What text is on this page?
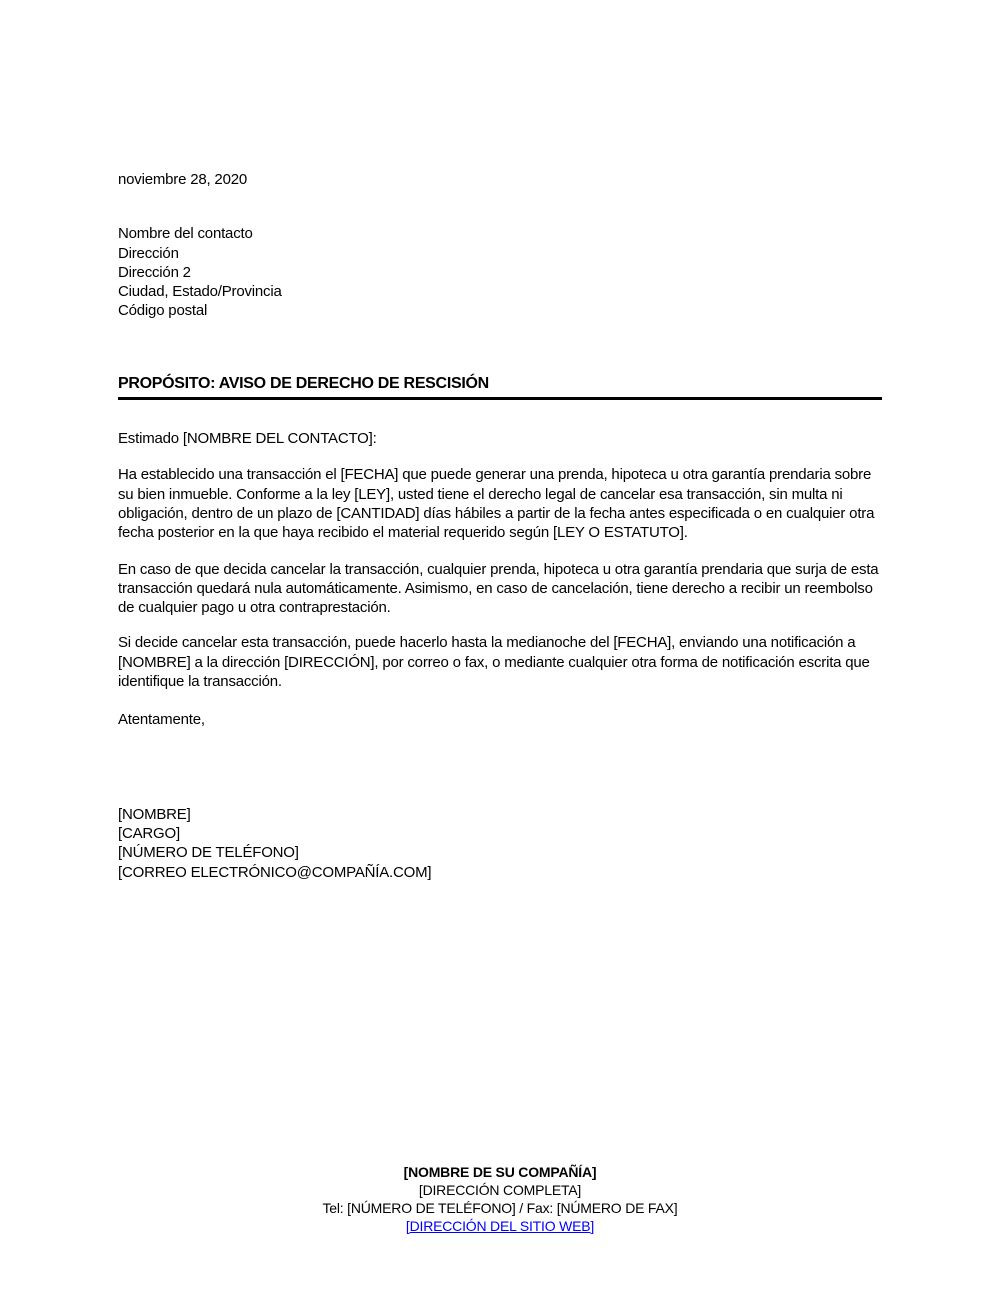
noviembre 28, 2020
Nombre del contacto
Dirección
Dirección 2
Ciudad, Estado/Provincia
Código postal
PROPÓSITO: AVISO DE DERECHO DE RESCISIÓN
Estimado [NOMBRE DEL CONTACTO]:

Ha establecido una transacción el [FECHA] que puede generar una prenda, hipoteca u otra garantía prendaria sobre su bien inmueble. Conforme a la ley [LEY], usted tiene el derecho legal de cancelar esa transacción, sin multa ni obligación, dentro de un plazo de [CANTIDAD] días hábiles a partir de la fecha antes especificada o en cualquier otra fecha posterior en la que haya recibido el material requerido según [LEY O ESTATUTO].

En caso de que decida cancelar la transacción, cualquier prenda, hipoteca u otra garantía prendaria que surja de esta transacción quedará nula automáticamente. Asimismo, en caso de cancelación, tiene derecho a recibir un reembolso de cualquier pago u otra contraprestación.

Si decide cancelar esta transacción, puede hacerlo hasta la medianoche del [FECHA], enviando una notificación a [NOMBRE] a la dirección [DIRECCIÓN], por correo o fax, o mediante cualquier otra forma de notificación escrita que identifique la transacción.

Atentamente,
[NOMBRE]
[CARGO]
[NÚMERO DE TELÉFONO]
[CORREO ELECTRÓNICO@COMPAÑÍA.COM]
[NOMBRE DE SU COMPAÑÍA]
[DIRECCIÓN COMPLETA]
Tel: [NÚMERO DE TELÉFONO] / Fax: [NÚMERO DE FAX]
[DIRECCIÓN DEL SITIO WEB]
